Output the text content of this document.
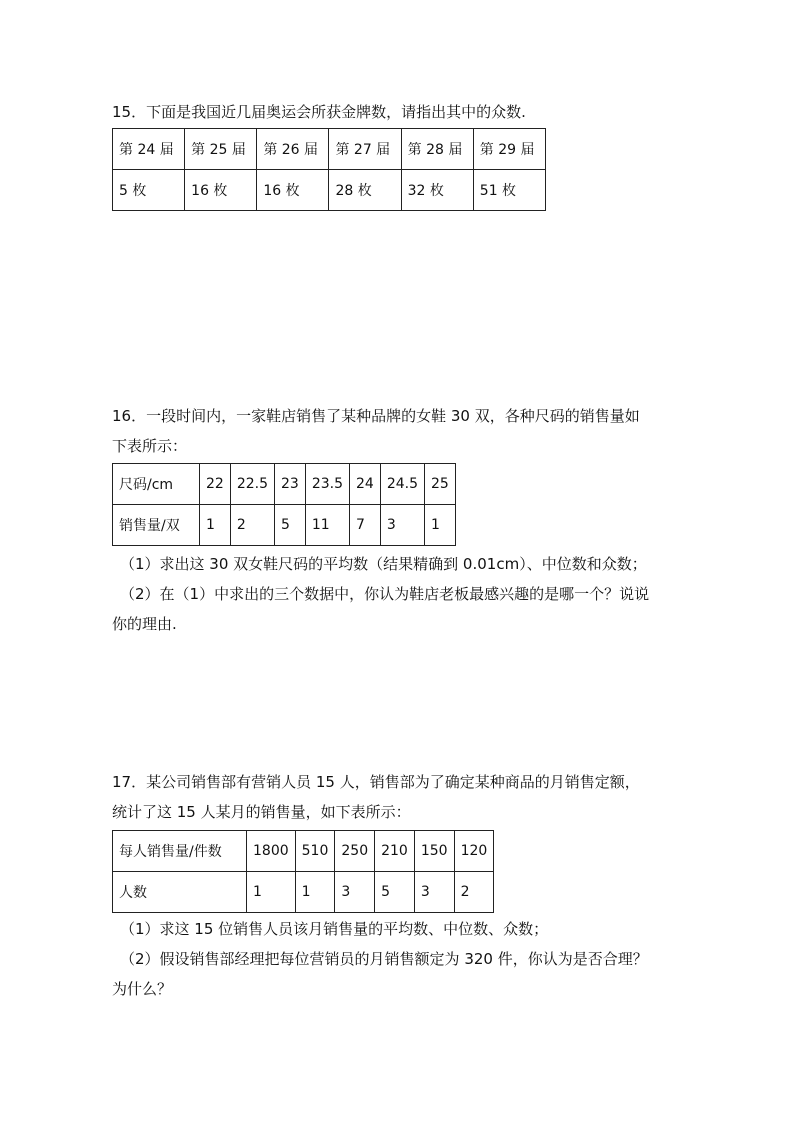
15．下面是我国近几届奥运会所获金牌数，请指出其中的众数.
第 24 届	第 25 届	第 26 届	第 27 届	第 28 届	第 29 届
5 枚	16 枚	16 枚	28 枚	32 枚	51 枚
16．一段时间内，一家鞋店销售了某种品牌的女鞋 30 双，各种尺码的销售量如
下表所示：
尺码/cm	22	22.5	23	23.5	24	24.5	25
销售量/双	1	2	5	11	7	3	1
（1）求出这 30 双女鞋尺码的平均数（结果精确到 0.01cm）、中位数和众数；
（2）在（1）中求出的三个数据中，你认为鞋店老板最感兴趣的是哪一个？说说
你的理由.
17．某公司销售部有营销人员 15 人，销售部为了确定某种商品的月销售定额，
统计了这 15 人某月的销售量，如下表所示：
每人销售量/件数	1800	510	250	210	150	120
人数	1	1	3	5	3	2
（1）求这 15 位销售人员该月销售量的平均数、中位数、众数；
（2）假设销售部经理把每位营销员的月销售额定为 320 件，你认为是否合理？
为什么？
